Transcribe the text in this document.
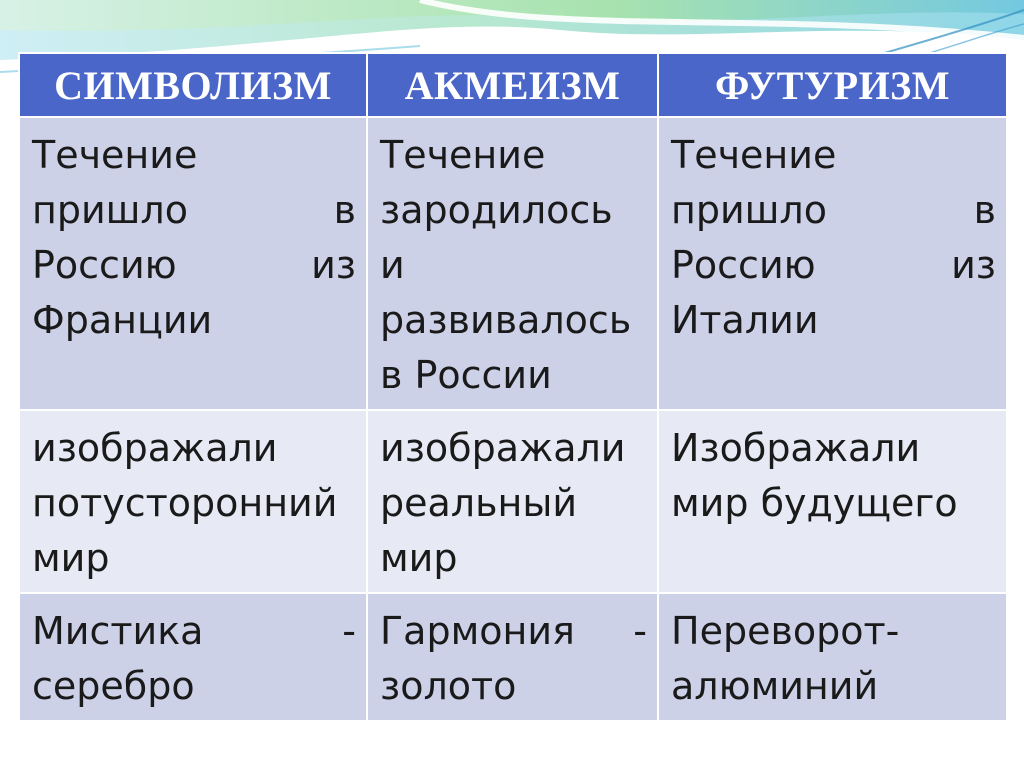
СИМВОЛИЗМ	АКМЕИЗМ	ФУТУРИЗМ

Течение пришло в Россию из Франции	Течение зародилось и развивалось в России	Течение пришло в Россию из Италии

изображали потусторонний мир	изображали реальный мир	Изображали мир будущего

Мистика - серебро	Гармония - золото	Переворот-алюминий
